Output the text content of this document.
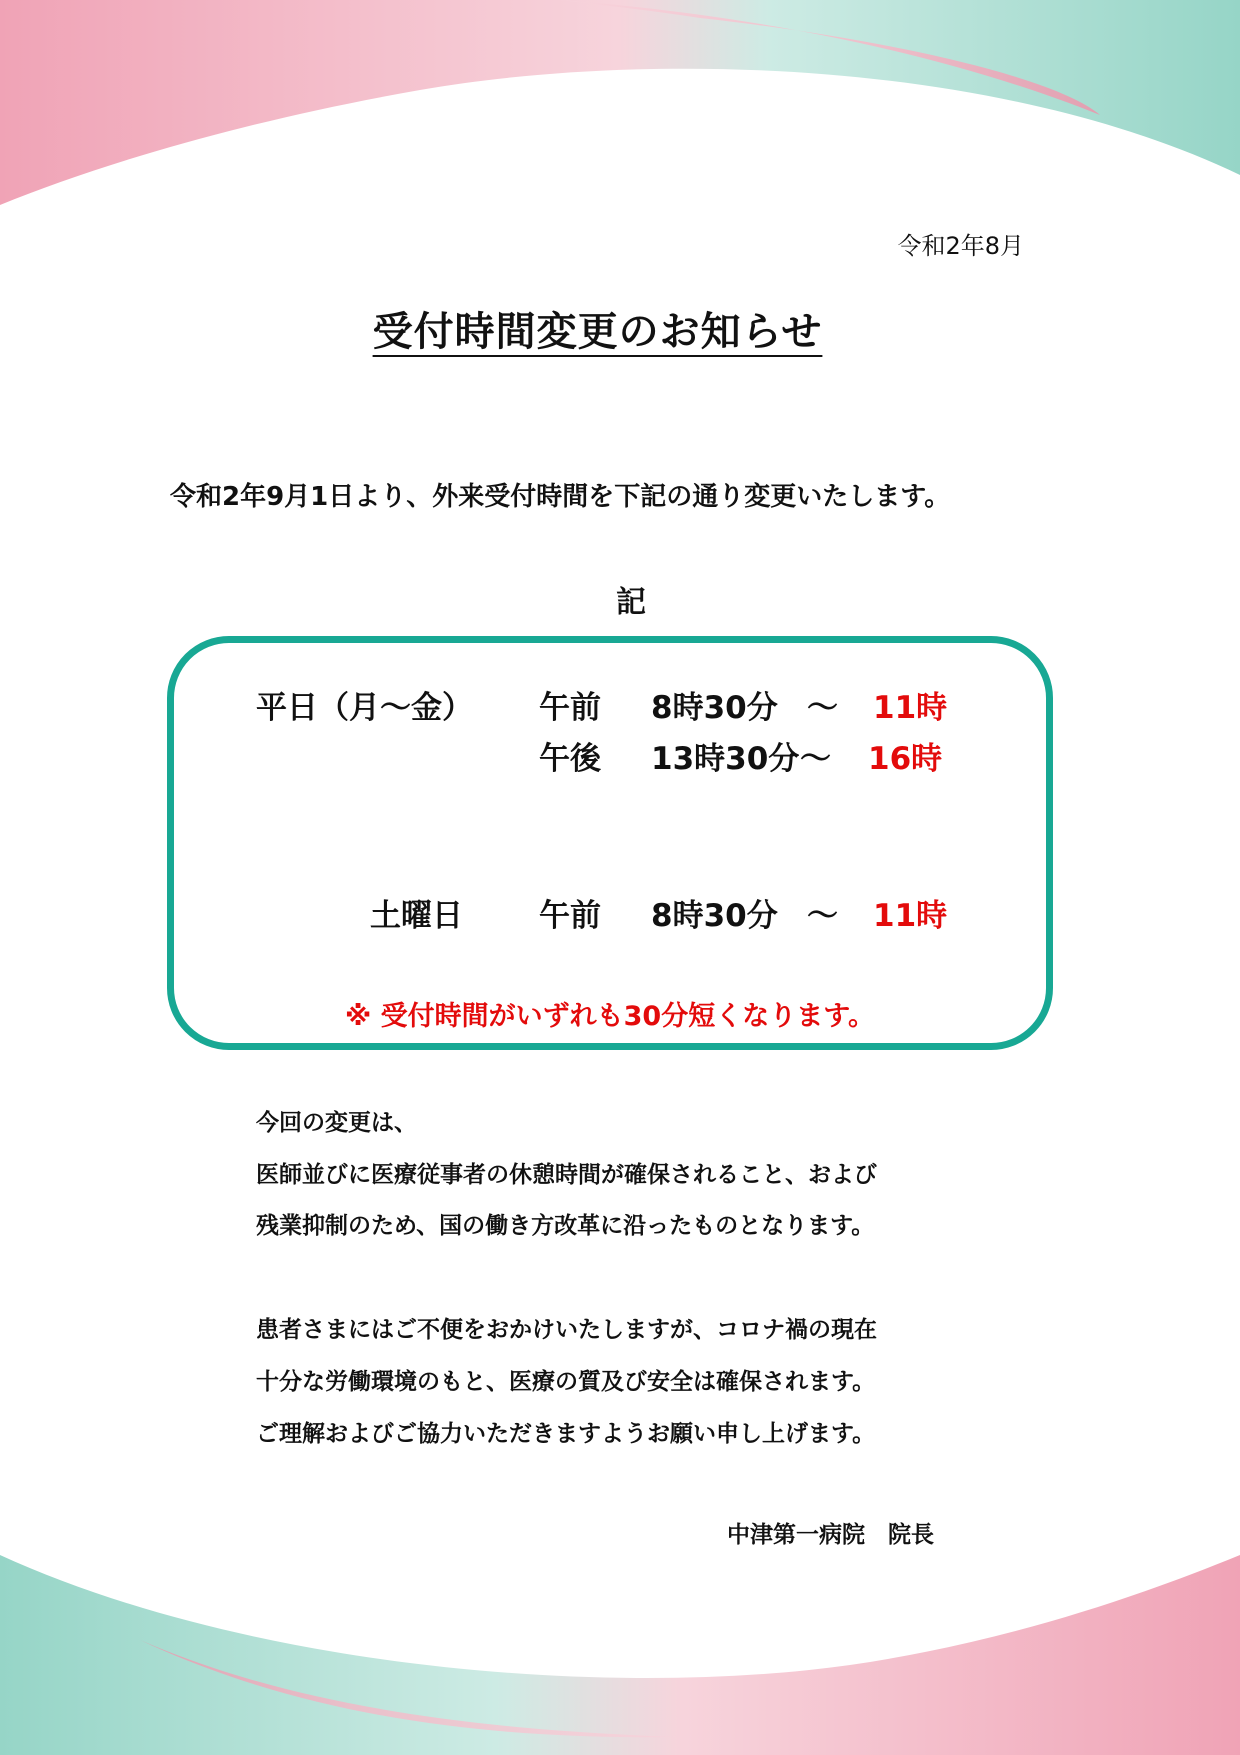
令和2年8月
受付時間変更のお知らせ
令和2年9月1日より、外来受付時間を下記の通り変更いたします。
記
平日（月〜金） 午前 8時30分 〜 11時
午後 13時30分 〜 16時
土曜日 午前 8時30分 〜 11時
※ 受付時間がいずれも30分短くなります。
今回の変更は、
医師並びに医療従事者の休憩時間が確保されること、および
残業抑制のため、国の働き方改革に沿ったものとなります。
患者さまにはご不便をおかけいたしますが、コロナ禍の現在
十分な労働環境のもと、医療の質及び安全は確保されます。
ご理解およびご協力いただきますようお願い申し上げます。
中津第一病院　院長
